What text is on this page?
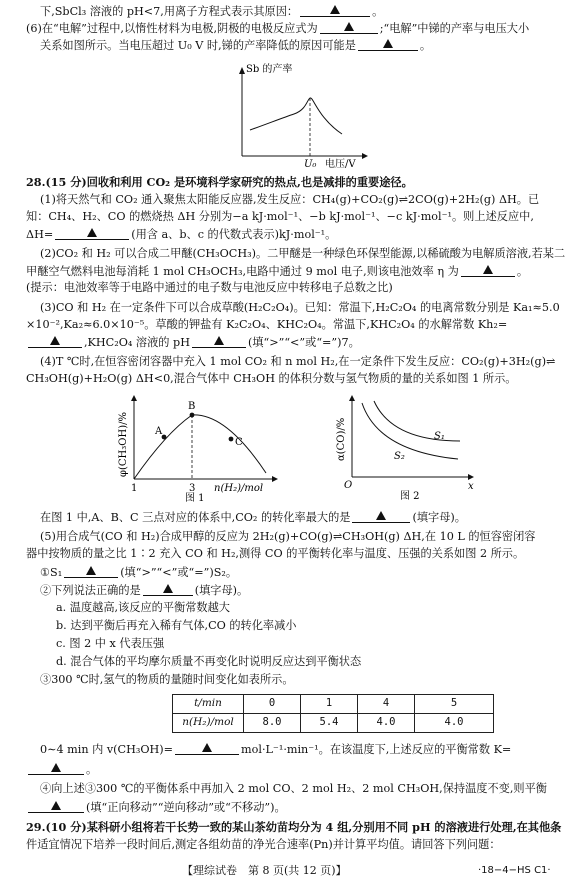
下,SbCl₃ 溶液的 pH<7,用离子方程式表示其原因：	。
(6)在“电解”过程中,以惰性材料为电极,阴极的电极反应式为	;“电解”中锑的产率与电压大小
关系如图所示。当电压超过 U₀ V 时,锑的产率降低的原因可能是	。
Sb 的产率
U₀ 电压/V
28.(15 分)回收和利用 CO₂ 是环境科学家研究的热点,也是减排的重要途径。
(1)将天然气和 CO₂ 通入聚焦太阳能反应器,发生反应：CH₄(g)+CO₂(g)⇌2CO(g)+2H₂(g) ΔH。已
知：CH₄、H₂、CO 的燃烧热 ΔH 分别为−a kJ·mol⁻¹、−b kJ·mol⁻¹、−c kJ·mol⁻¹。则上述反应中,
ΔH=	(用含 a、b、c 的代数式表示)kJ·mol⁻¹。
(2)CO₂ 和 H₂ 可以合成二甲醚(CH₃OCH₃)。二甲醚是一种绿色环保型能源,以稀硫酸为电解质溶液,若某二
甲醚空气燃料电池每消耗 1 mol CH₃OCH₃,电路中通过 9 mol 电子,则该电池效率 η 为	。
(提示：电池效率等于电路中通过的电子数与电池反应中转移电子总数之比)
(3)CO 和 H₂ 在一定条件下可以合成草酸(H₂C₂O₄)。已知：常温下,H₂C₂O₄ 的电离常数分别是 Ka₁≈5.0
×10⁻²,Ka₂≈6.0×10⁻⁵。草酸的钾盐有 K₂C₂O₄、KHC₂O₄。常温下,KHC₂O₄ 的水解常数 Kh₂=
,KHC₂O₄ 溶液的 pH	(填“>”“<”或“=”)7。
(4)T ℃时,在恒容密闭容器中充入 1 mol CO₂ 和 n mol H₂,在一定条件下发生反应：CO₂(g)+3H₂(g)⇌
CH₃OH(g)+H₂O(g) ΔH<0,混合气体中 CH₃OH 的体积分数与氢气物质的量的关系如图 1 所示。
A
B
C
1	3 n(H₂)/mol
图 1
φ(CH₃OH)/%	S₁
S₂
O	x
图 2
α(CO)/%
在图 1 中,A、B、C 三点对应的体系中,CO₂ 的转化率最大的是	(填字母)。
(5)用合成气(CO 和 H₂)合成甲醇的反应为 2H₂(g)+CO(g)⇌CH₃OH(g) ΔH,在 10 L 的恒容密闭容
器中按物质的量之比 1∶2 充入 CO 和 H₂,测得 CO 的平衡转化率与温度、压强的关系如图 2 所示。
①S₁	(填“>”“<”或“=”)S₂。
②下列说法正确的是	(填字母)。
a. 温度越高,该反应的平衡常数越大
b. 达到平衡后再充入稀有气体,CO 的转化率减小
c. 图 2 中 x 代表压强
d. 混合气体的平均摩尔质量不再变化时说明反应达到平衡状态
③300 ℃时,氢气的物质的量随时间变化如表所示。
t/min	0	1	4	5
n(H₂)/mol	8.0	5.4	4.0	4.0
0∼4 min 内 v(CH₃OH)=	mol·L⁻¹·min⁻¹。在该温度下,上述反应的平衡常数 K=
。
④向上述③300 ℃的平衡体系中再加入 2 mol CO、2 mol H₂、2 mol CH₃OH,保持温度不变,则平衡
(填“正向移动”“逆向移动”或“不移动”)。
29.(10 分)某科研小组将若干长势一致的某山茶幼苗均分为 4 组,分别用不同 pH 的溶液进行处理,在其他条
件适宜情况下培养一段时间后,测定各组幼苗的净光合速率(Pn)并计算平均值。请回答下列问题：
【理综试卷　第 8 页(共 12 页)】	·18−4−HS C1·
